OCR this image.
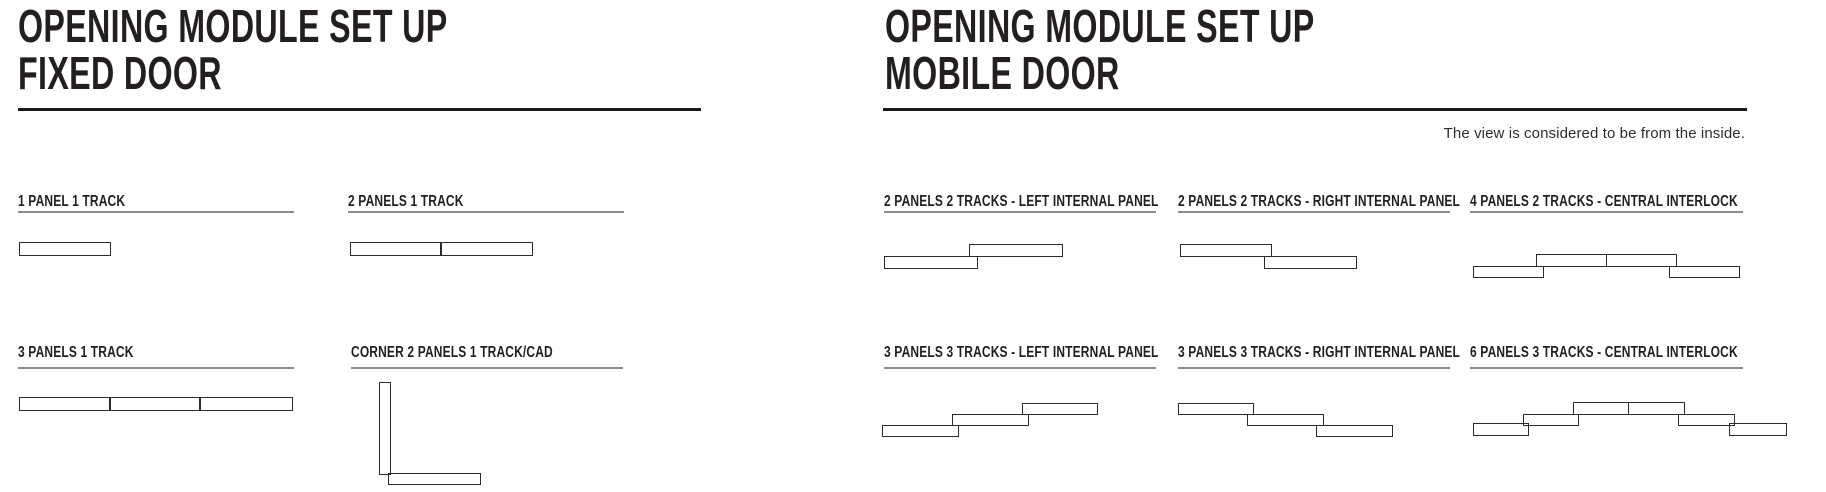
OPENING MODULE SET UP
FIXED DOOR
OPENING MODULE SET UP
MOBILE DOOR
The view is considered to be from the inside.
1 PANEL 1 TRACK	2 PANELS 1 TRACK
3 PANELS 1 TRACK	CORNER 2 PANELS 1 TRACK/CAD
2 PANELS 2 TRACKS - LEFT INTERNAL PANEL 2 PANELS 2 TRACKS - RIGHT INTERNAL PANEL 4 PANELS 2 TRACKS - CENTRAL INTERLOCK
3 PANELS 3 TRACKS - LEFT INTERNAL PANEL 3 PANELS 3 TRACKS - RIGHT INTERNAL PANEL 6 PANELS 3 TRACKS - CENTRAL INTERLOCK
